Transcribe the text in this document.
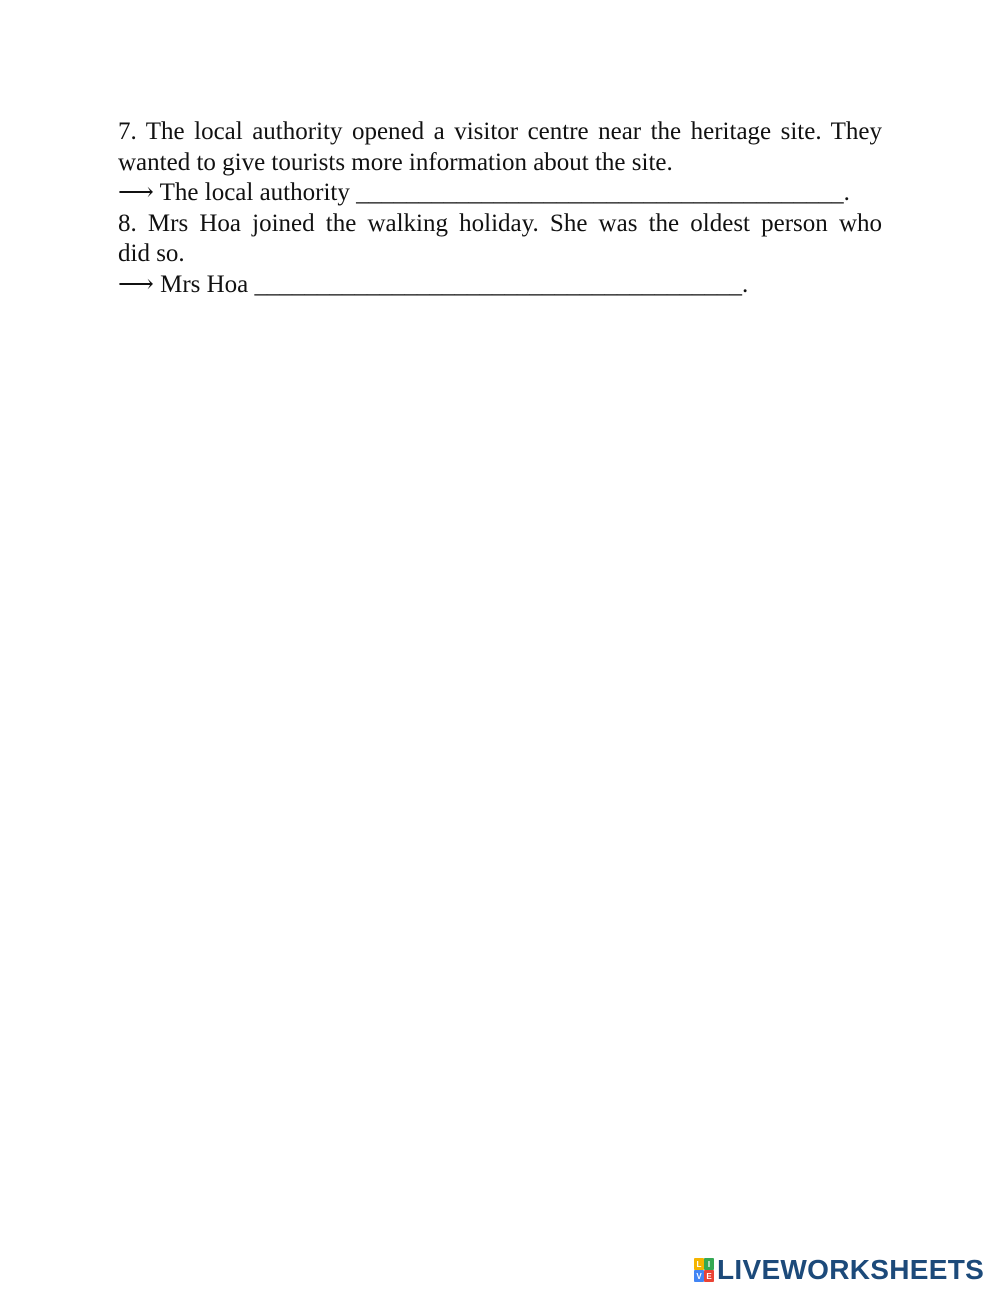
7. The local authority opened a visitor centre near the heritage site. They
wanted to give tourists more information about the site.
⟶ The local authority _______________________________________.
8. Mrs Hoa joined the walking holiday. She was the oldest person who
did so.
⟶ Mrs Hoa _______________________________________.
L I
V E LIVEWORKSHEETS
